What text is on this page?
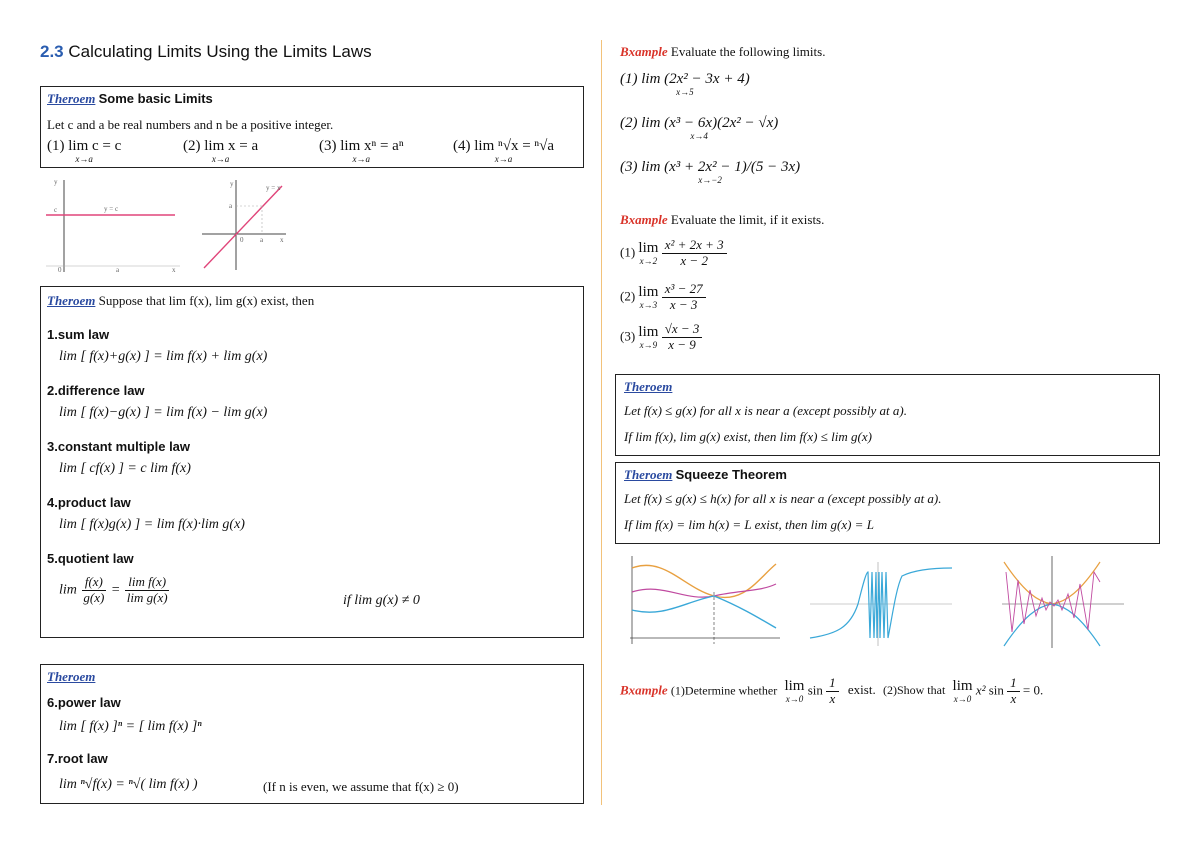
2.3 Calculating Limits Using the Limits Laws
Theroem Some basic Limits
Let c and a be real numbers and n be a positive integer.
(1) lim c = c
x→a
(2) lim x = a
x→a
(3) lim xⁿ = aⁿ
x→a
(4) lim ⁿ√x = ⁿ√a
x→a
y
y = c
c
0	a	x
y	y = x
a
0 a x
Theroem Suppose that lim f(x), lim g(x) exist, then
1.sum law
lim [ f(x)+g(x) ] = lim f(x) + lim g(x)
2.difference law
lim [ f(x)−g(x) ] = lim f(x) − lim g(x)
3.constant multiple law
lim [ cf(x) ] = c lim f(x)
4.product law
lim [ f(x)g(x) ] = lim f(x)·lim g(x)
5.quotient law
$\lim \frac{f(x)}{g(x)} = \frac{\text{lim f(x)}}{\text{lim g(x)}}$	if lim g(x) ≠ 0
Theroem
6.power law
lim [ f(x) ]ⁿ = [ lim f(x) ]ⁿ
7.root law
lim ⁿ√f(x) = ⁿ√( lim f(x) )	(If n is even, we assume that f(x) ≥ 0)
Bxample Evaluate the following limits.
(1) lim (2x² − 3x + 4)
x→5
(2) lim (x³ − 6x)(2x² − √x)
x→4
(3) lim (x³ + 2x² − 1)/(5 − 3x)
x→−2
Bxample Evaluate the limit, if it exists.
(1) lim
x→2
$\frac{\text{x² + 2x + 3}}{x - 2}$
(2) lim
x→3
$\frac{\text{x³ − 27}}{x - 3}$
(3) lim
x→9
$\frac{√x - 3}{x - 9}$
Theroem
Let f(x) ≤ g(x) for all x is near a (except possibly at a).
If lim f(x), lim g(x) exist, then lim f(x) ≤ lim g(x)
Theroem Squeeze Theorem
Let f(x) ≤ g(x) ≤ h(x) for all x is near a (except possibly at a).
If lim f(x) = lim h(x) = L exist, then lim g(x) = L
Bxample (1)Determine whether lim
x→0
$\sin \frac{1}{x}$ exist. (2)Show that lim
x→0
x² $\sin \frac{1}{x} = 0$.
